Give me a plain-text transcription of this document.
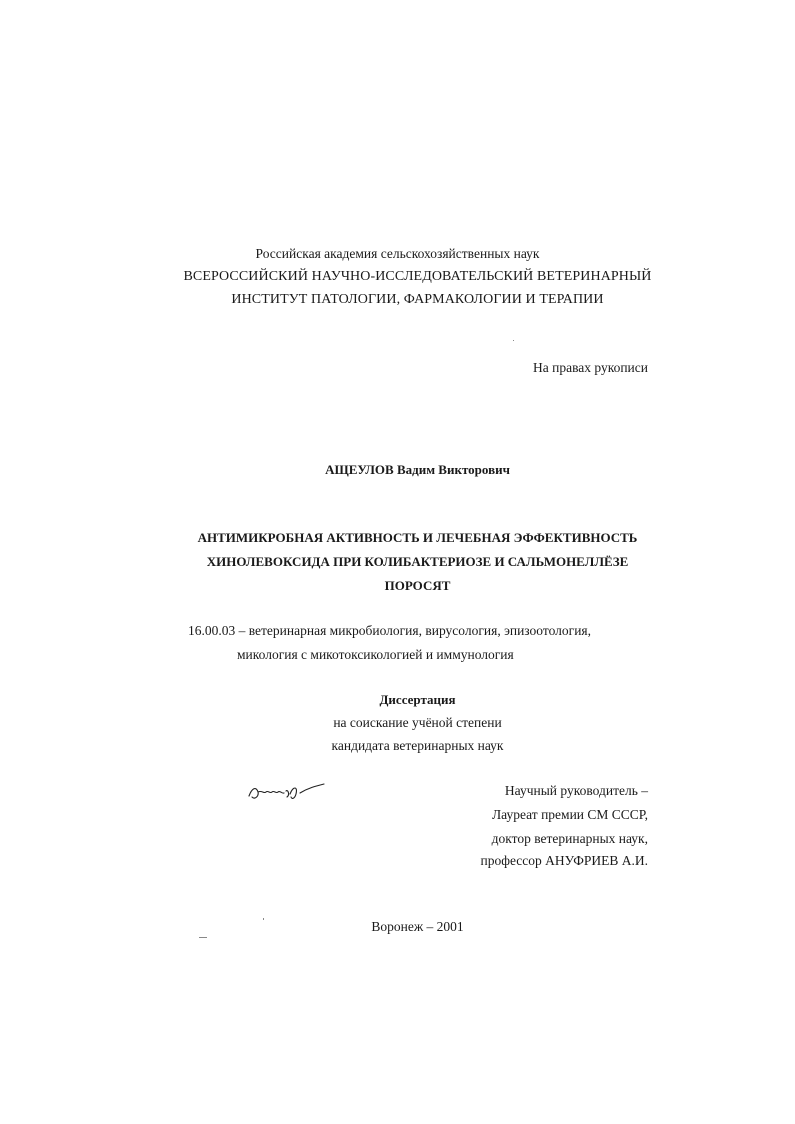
Российская академия сельскохозяйственных наук
ВСЕРОССИЙСКИЙ НАУЧНО-ИССЛЕДОВАТЕЛЬСКИЙ ВЕТЕРИНАРНЫЙ
ИНСТИТУТ ПАТОЛОГИИ, ФАРМАКОЛОГИИ И ТЕРАПИИ
На правах рукописи
АЩЕУЛОВ Вадим Викторович
АНТИМИКРОБНАЯ АКТИВНОСТЬ И ЛЕЧЕБНАЯ ЭФФЕКТИВНОСТЬ
ХИНОЛЕВОКСИДА ПРИ КОЛИБАКТЕРИОЗЕ И САЛЬМОНЕЛЛЁЗЕ
ПОРОСЯТ
16.00.03 – ветеринарная микробиология, вирусология, эпизоотология,
микология с микотоксикологией и иммунология
Диссертация
на соискание учёной степени
кандидата ветеринарных наук
Научный руководитель –
Лауреат премии СМ СССР,
доктор ветеринарных наук,
профессор АНУФРИЕВ А.И.
Воронеж – 2001
